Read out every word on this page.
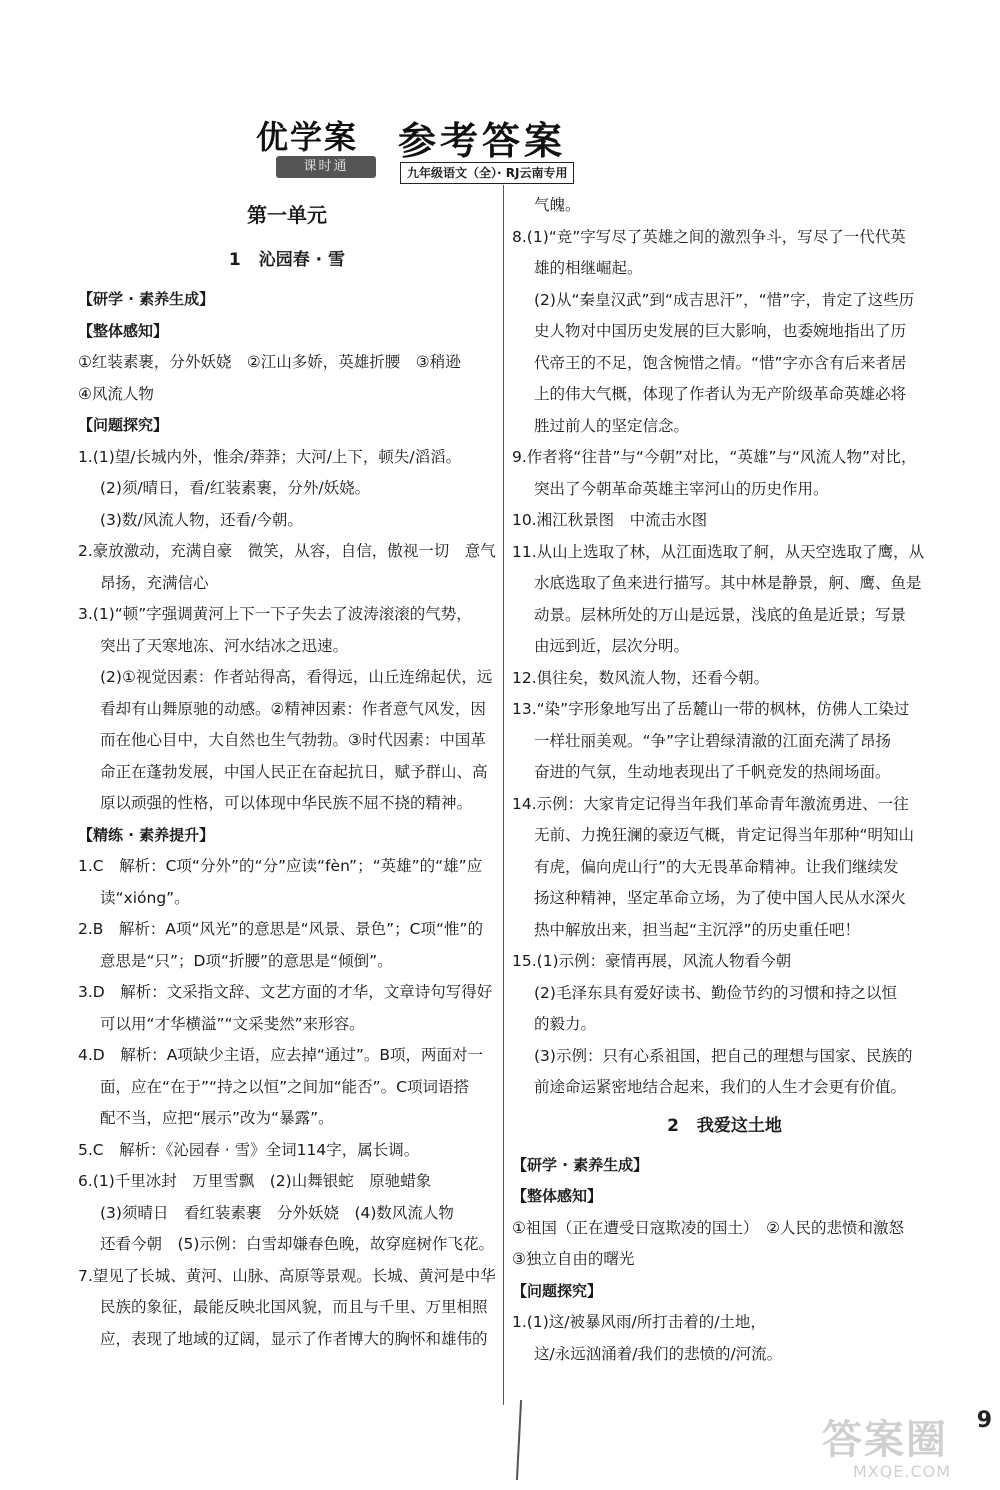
优学案
课时通
参考答案
九年级语文（全）· RJ云南专用
第一单元
1 沁园春 · 雪
【研学 · 素养生成】
【整体感知】
①红装素裹，分外妖娆　②江山多娇，英雄折腰　③稍逊
④风流人物
【问题探究】
1.(1)望/长城内外，惟余/莽莽；大河/上下，顿失/滔滔。
(2)须/晴日，看/红装素裹，分外/妖娆。
(3)数/风流人物，还看/今朝。
2.豪放激动，充满自豪　微笑，从容，自信，傲视一切　意气
昂扬，充满信心
3.(1)“顿”字强调黄河上下一下子失去了波涛滚滚的气势，
突出了天寒地冻、河水结冰之迅速。
(2)①视觉因素：作者站得高，看得远，山丘连绵起伏，远
看却有山舞原驰的动感。②精神因素：作者意气风发，因
而在他心目中，大自然也生气勃勃。③时代因素：中国革
命正在蓬勃发展，中国人民正在奋起抗日，赋予群山、高
原以顽强的性格，可以体现中华民族不屈不挠的精神。
【精练 · 素养提升】
1.C　解析：C项“分外”的“分”应读“fèn”；“英雄”的“雄”应
读“xióng”。
2.B　解析：A项“风光”的意思是“风景、景色”；C项“惟”的
意思是“只”；D项“折腰”的意思是“倾倒”。
3.D　解析：文采指文辞、文艺方面的才华，文章诗句写得好
可以用“才华横溢”“文采斐然”来形容。
4.D　解析：A项缺少主语，应去掉“通过”。B项，两面对一
面，应在“在于”“持之以恒”之间加“能否”。C项词语搭
配不当，应把“展示”改为“暴露”。
5.C　解析：《沁园春 · 雪》全词114字，属长调。
6.(1)千里冰封　万里雪飘　(2)山舞银蛇　原驰蜡象
(3)须晴日　看红装素裹　分外妖娆　(4)数风流人物
还看今朝　(5)示例：白雪却嫌春色晚，故穿庭树作飞花。
7.望见了长城、黄河、山脉、高原等景观。长城、黄河是中华
民族的象征，最能反映北国风貌，而且与千里、万里相照
应，表现了地域的辽阔，显示了作者博大的胸怀和雄伟的
气魄。
8.(1)“竞”字写尽了英雄之间的激烈争斗，写尽了一代代英
雄的相继崛起。
(2)从“秦皇汉武”到“成吉思汗”，“惜”字，肯定了这些历
史人物对中国历史发展的巨大影响，也委婉地指出了历
代帝王的不足，饱含惋惜之情。“惜”字亦含有后来者居
上的伟大气概，体现了作者认为无产阶级革命英雄必将
胜过前人的坚定信念。
9.作者将“往昔”与“今朝”对比，“英雄”与“风流人物”对比，
突出了今朝革命英雄主宰河山的历史作用。
10.湘江秋景图　中流击水图
11.从山上选取了林，从江面选取了舸，从天空选取了鹰，从
水底选取了鱼来进行描写。其中林是静景，舸、鹰、鱼是
动景。层林所处的万山是远景，浅底的鱼是近景；写景
由远到近，层次分明。
12.俱往矣，数风流人物，还看今朝。
13.“染”字形象地写出了岳麓山一带的枫林，仿佛人工染过
一样壮丽美观。“争”字让碧绿清澈的江面充满了昂扬
奋进的气氛，生动地表现出了千帆竞发的热闹场面。
14.示例：大家肯定记得当年我们革命青年激流勇进、一往
无前、力挽狂澜的豪迈气概，肯定记得当年那种“明知山
有虎，偏向虎山行”的大无畏革命精神。让我们继续发
扬这种精神，坚定革命立场，为了使中国人民从水深火
热中解放出来，担当起“主沉浮”的历史重任吧！
15.(1)示例：豪情再展，风流人物看今朝
(2)毛泽东具有爱好读书、勤俭节约的习惯和持之以恒
的毅力。
(3)示例：只有心系祖国，把自己的理想与国家、民族的
前途命运紧密地结合起来，我们的人生才会更有价值。
2 我爱这土地
【研学 · 素养生成】
【整体感知】
①祖国（正在遭受日寇欺凌的国土）　②人民的悲愤和激怒
③独立自由的曙光
【问题探究】
1.(1)这/被暴风雨/所打击着的/土地，
这/永远汹涌着/我们的悲愤的/河流。
9
答案圈
MXQE.COM
